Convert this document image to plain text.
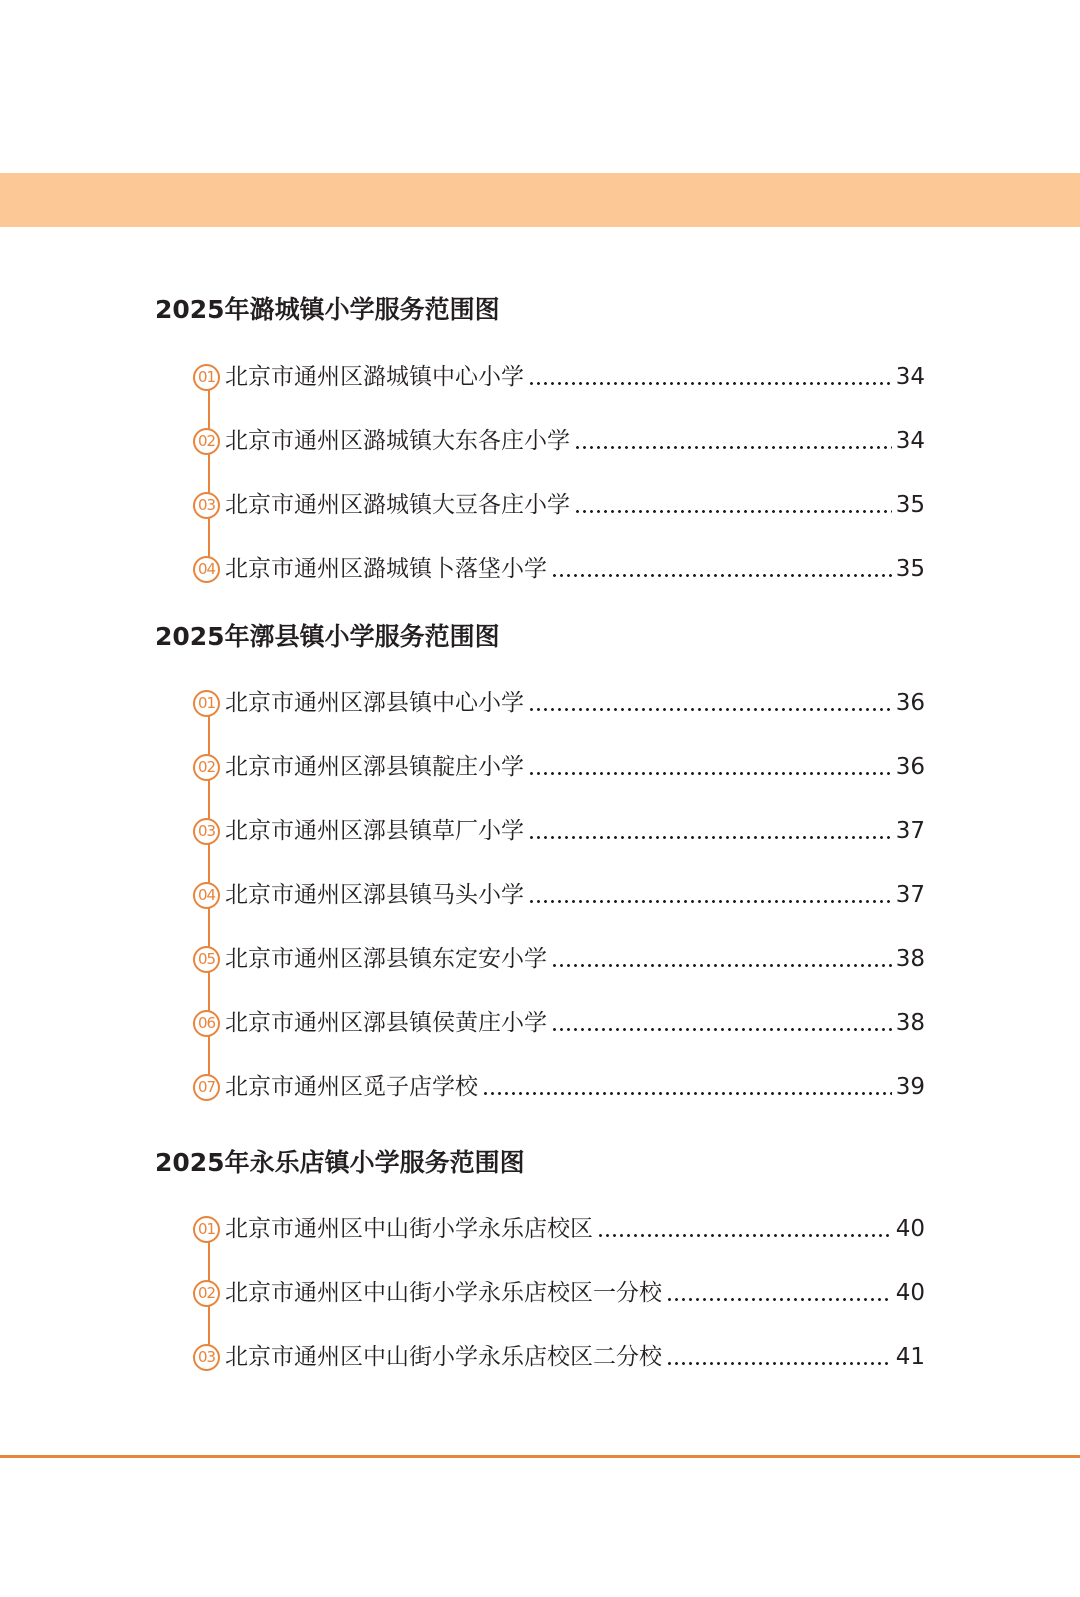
2025年潞城镇小学服务范围图
01 北京市通州区潞城镇中心小学	34
02 北京市通州区潞城镇大东各庄小学	34
03 北京市通州区潞城镇大豆各庄小学	35
04 北京市通州区潞城镇卜落垡小学	35
2025年漷县镇小学服务范围图
01 北京市通州区漷县镇中心小学	36
02 北京市通州区漷县镇靛庄小学	36
03 北京市通州区漷县镇草厂小学	37
04 北京市通州区漷县镇马头小学	37
05 北京市通州区漷县镇东定安小学	38
06 北京市通州区漷县镇侯黄庄小学	38
07 北京市通州区觅子店学校	39
2025年永乐店镇小学服务范围图
01 北京市通州区中山街小学永乐店校区	40
02 北京市通州区中山街小学永乐店校区一分校	40
03 北京市通州区中山街小学永乐店校区二分校	41
